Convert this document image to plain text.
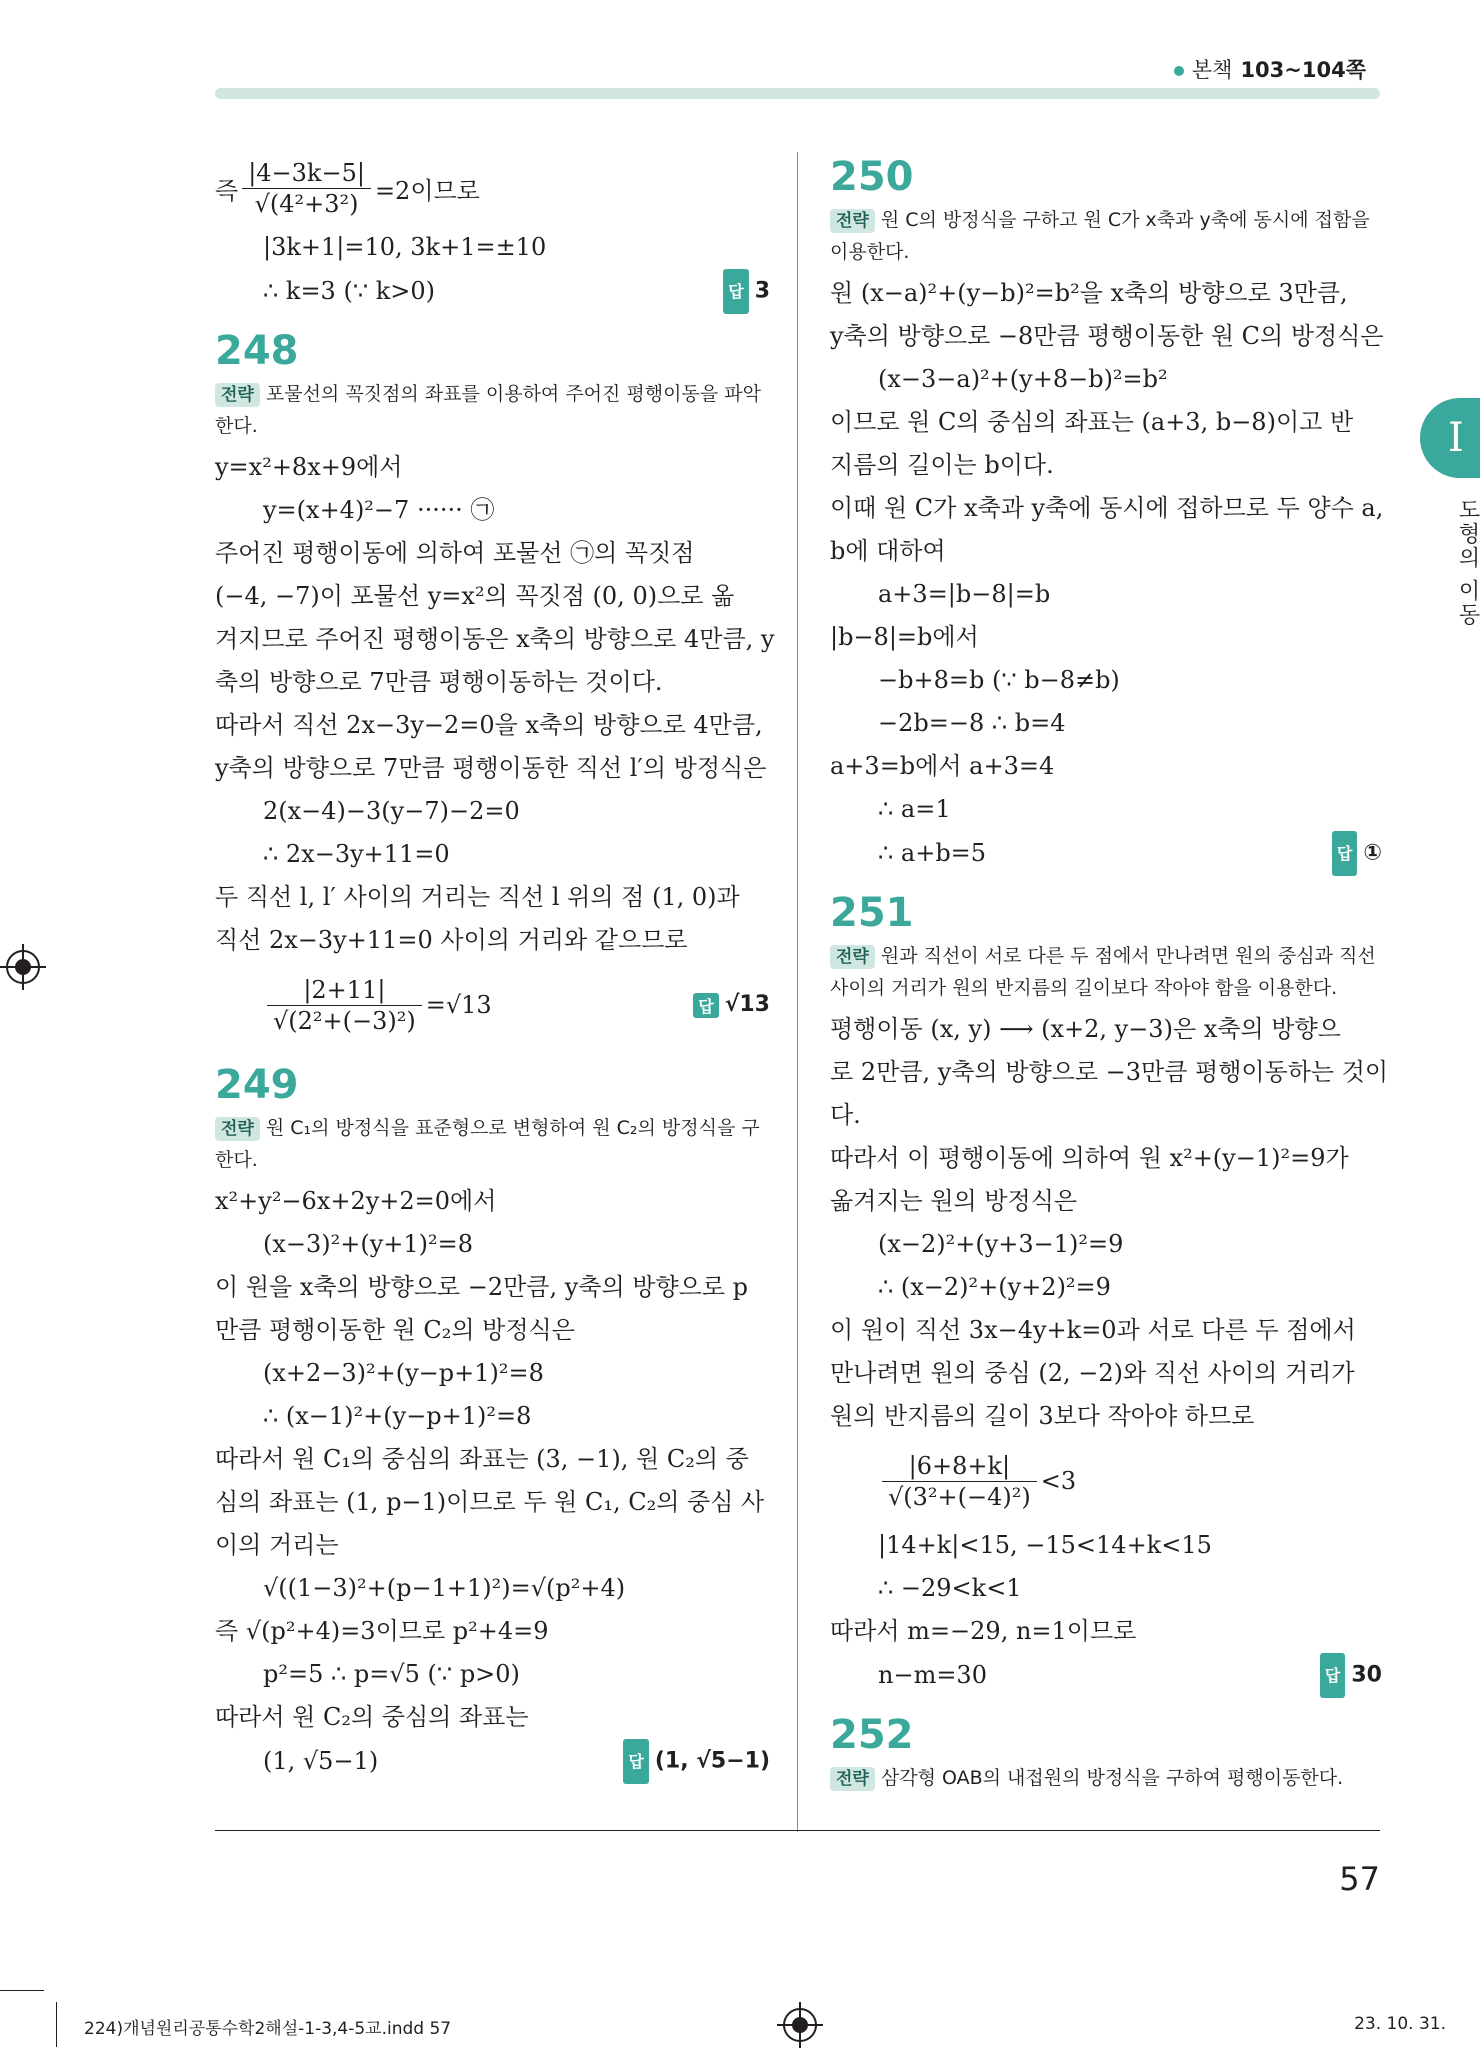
본책 103~104쪽
즉 $\frac{|4-3k-5|}{\text{√(4²+3²)}} =2$이므로
|3k+1|=10, 3k+1=±10
∴ k=3 (∵ k>0)	답 3
248
전략 포물선의 꼭짓점의 좌표를 이용하여 주어진 평행이동을 파악한다.
y=x²+8x+9에서
y=(x+4)²−7 ······ ㉠
주어진 평행이동에 의하여 포물선 ㉠의 꼭짓점
(−4, −7)이 포물선 y=x²의 꼭짓점 (0, 0)으로 옮
겨지므로 주어진 평행이동은 x축의 방향으로 4만큼, y
축의 방향으로 7만큼 평행이동하는 것이다.
따라서 직선 2x−3y−2=0을 x축의 방향으로 4만큼,
y축의 방향으로 7만큼 평행이동한 직선 l′의 방정식은
2(x−4)−3(y−7)−2=0
∴ 2x−3y+11=0
두 직선 l, l′ 사이의 거리는 직선 l 위의 점 (1, 0)과
직선 2x−3y+11=0 사이의 거리와 같으므로
$\frac{|2+11|}{\text{√(2²+(−3)²)}} =√13$	답 √13
249
전략 원 C₁의 방정식을 표준형으로 변형하여 원 C₂의 방정식을 구한다.
x²+y²−6x+2y+2=0에서
(x−3)²+(y+1)²=8
이 원을 x축의 방향으로 −2만큼, y축의 방향으로 p
만큼 평행이동한 원 C₂의 방정식은
(x+2−3)²+(y−p+1)²=8
∴ (x−1)²+(y−p+1)²=8
따라서 원 C₁의 중심의 좌표는 (3, −1), 원 C₂의 중
심의 좌표는 (1, p−1)이므로 두 원 C₁, C₂의 중심 사
이의 거리는
√((1−3)²+(p−1+1)²)=√(p²+4)
즉 √(p²+4)=3이므로 p²+4=9
p²=5 ∴ p=√5 (∵ p>0)
따라서 원 C₂의 중심의 좌표는
(1, √5−1)	답 (1, √5−1)
250
전략 원 C의 방정식을 구하고 원 C가 x축과 y축에 동시에 접함을 이용한다.
원 (x−a)²+(y−b)²=b²을 x축의 방향으로 3만큼,
y축의 방향으로 −8만큼 평행이동한 원 C의 방정식은
(x−3−a)²+(y+8−b)²=b²
이므로 원 C의 중심의 좌표는 (a+3, b−8)이고 반
지름의 길이는 b이다.
이때 원 C가 x축과 y축에 동시에 접하므로 두 양수 a,
b에 대하여
a+3=|b−8|=b
|b−8|=b에서
−b+8=b (∵ b−8≠b)
−2b=−8 ∴ b=4
a+3=b에서 a+3=4
∴ a=1
∴ a+b=5	답 ①
251
전략 원과 직선이 서로 다른 두 점에서 만나려면 원의 중심과 직선 사이의 거리가 원의 반지름의 길이보다 작아야 함을 이용한다.
평행이동 (x, y) ⟶ (x+2, y−3)은 x축의 방향으
로 2만큼, y축의 방향으로 −3만큼 평행이동하는 것이
다.
따라서 이 평행이동에 의하여 원 x²+(y−1)²=9가
옮겨지는 원의 방정식은
(x−2)²+(y+3−1)²=9
∴ (x−2)²+(y+2)²=9
이 원이 직선 3x−4y+k=0과 서로 다른 두 점에서
만나려면 원의 중심 (2, −2)와 직선 사이의 거리가
원의 반지름의 길이 3보다 작아야 하므로
$\frac{|6+8+k|}{\text{√(3²+(−4)²)}} <3$
|14+k|<15, −15<14+k<15
∴ −29<k<1
따라서 m=−29, n=1이므로
n−m=30	답 30
252
전략 삼각형 OAB의 내접원의 방정식을 구하여 평행이동한다.
I
도형의 이동
57
224)개념원리공통수학2해설-1-3,4-5교.indd 57	23. 10. 31.
